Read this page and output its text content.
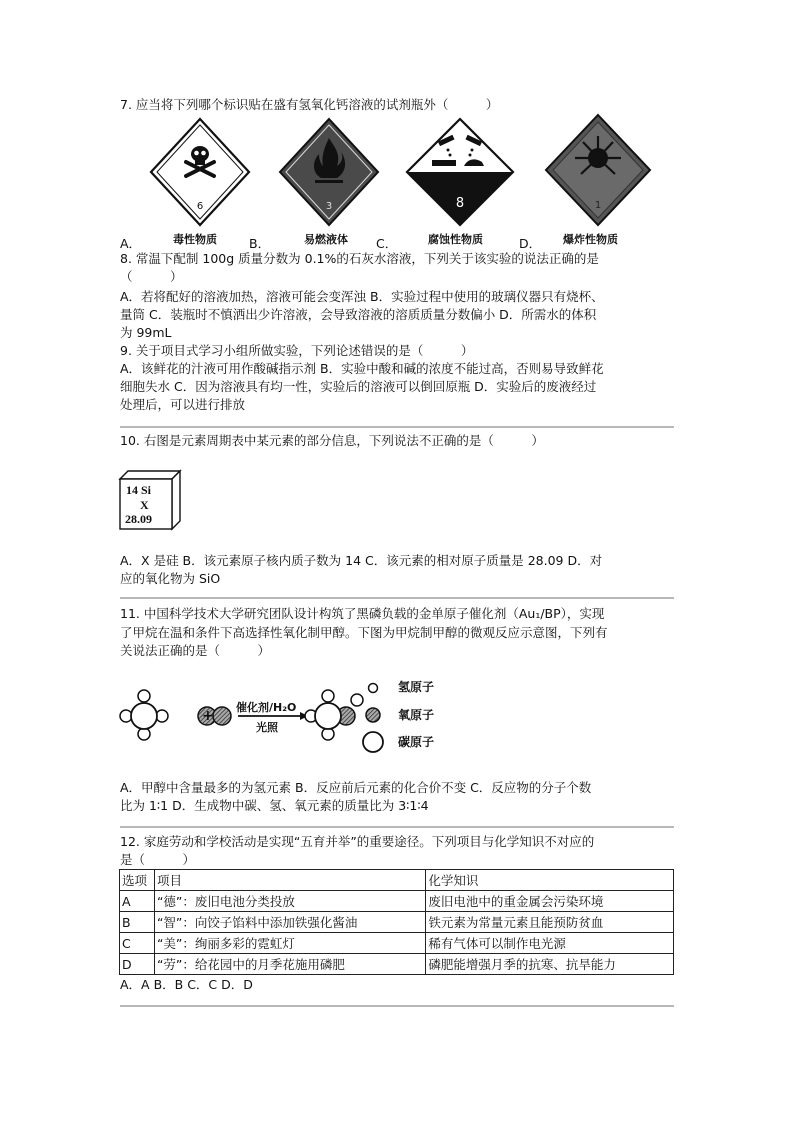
7. 应当将下列哪个标识贴在盛有氢氧化钙溶液的试剂瓶外（　　　）
6
A．	毒性物质
3
B．	易燃液体
8
C．	腐蚀性物质
1
D． 爆炸性物质
8. 常温下配制 100g 质量分数为 0.1%的石灰水溶液，下列关于该实验的说法正确的是
（　　　）
A．若将配好的溶液加热，溶液可能会变浑浊 B．实验过程中使用的玻璃仪器只有烧杯、
量筒 C．装瓶时不慎洒出少许溶液，会导致溶液的溶质质量分数偏小 D．所需水的体积
为 99mL
9. 关于项目式学习小组所做实验，下列论述错误的是（　　　）
A．该鲜花的汁液可用作酸碱指示剂 B．实验中酸和碱的浓度不能过高，否则易导致鲜花
细胞失水 C．因为溶液具有均一性，实验后的溶液可以倒回原瓶 D．实验后的废液经过
处理后，可以进行排放
10. 右图是元素周期表中某元素的部分信息，下列说法不正确的是（　　　）
14 Si
X
28.09
A．X 是硅 B．该元素原子核内质子数为 14 C．该元素的相对原子质量是 28.09 D．对
应的氧化物为 SiO
11. 中国科学技术大学研究团队设计构筑了黑磷负载的金单原子催化剂（Au₁/BP），实现
了甲烷在温和条件下高选择性氧化制甲醇。下图为甲烷制甲醇的微观反应示意图，下列有
关说法正确的是（　　　）
+
催化剂/H₂O
光照
氢原子
氧原子
碳原子
A．甲醇中含量最多的为氢元素 B．反应前后元素的化合价不变 C．反应物的分子个数
比为 1∶1 D．生成物中碳、氢、氧元素的质量比为 3∶1∶4
12. 家庭劳动和学校活动是实现“五育并举”的重要途径。下列项目与化学知识不对应的
是（　　　）
选项	项目	化学知识
A	“德”：废旧电池分类投放	废旧电池中的重金属会污染环境
B	“智”：向饺子馅料中添加铁强化酱油	铁元素为常量元素且能预防贫血
C	“美”：绚丽多彩的霓虹灯	稀有气体可以制作电光源
D	“劳”：给花园中的月季花施用磷肥	磷肥能增强月季的抗寒、抗旱能力
A．A B．B C．C D．D
